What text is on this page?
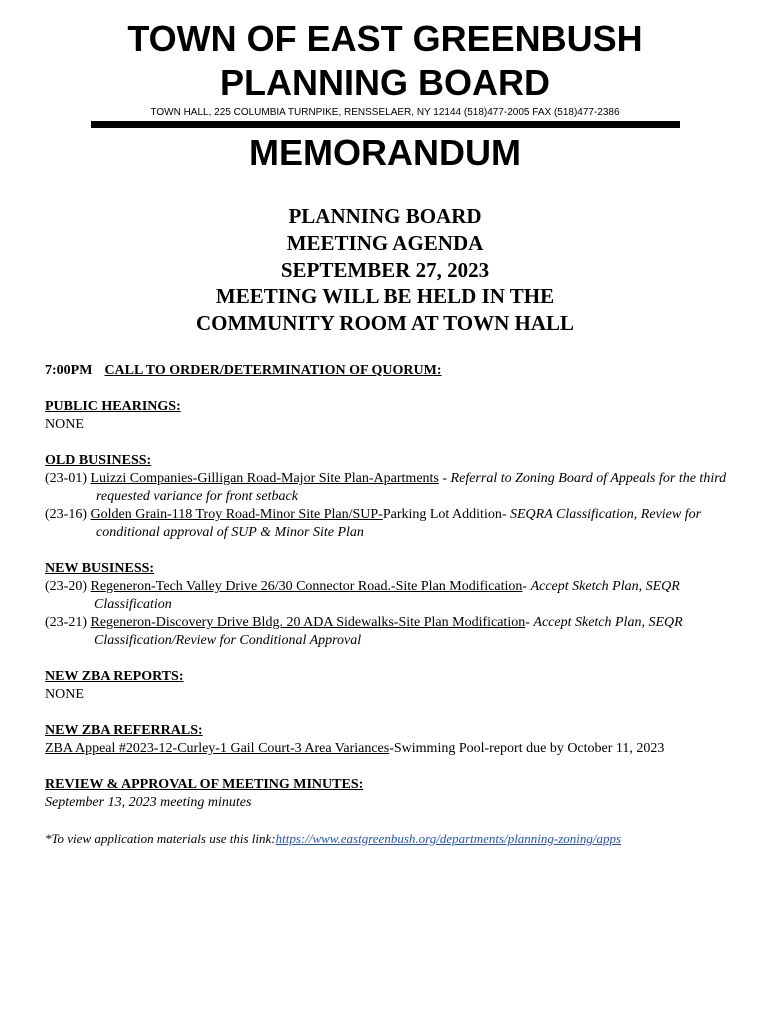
TOWN OF EAST GREENBUSH
PLANNING BOARD
TOWN HALL, 225 COLUMBIA TURNPIKE, RENSSELAER, NY 12144 (518)477-2005 FAX (518)477-2386
MEMORANDUM
PLANNING BOARD
MEETING AGENDA
SEPTEMBER 27, 2023
MEETING WILL BE HELD IN THE
COMMUNITY ROOM AT TOWN HALL
7:00PM CALL TO ORDER/DETERMINATION OF QUORUM:
PUBLIC HEARINGS:
NONE
OLD BUSINESS:
(23-01) Luizzi Companies-Gilligan Road-Major Site Plan-Apartments - Referral to Zoning Board of Appeals for the third requested variance for front setback
(23-16) Golden Grain-118 Troy Road-Minor Site Plan/SUP-Parking Lot Addition- SEQRA Classification, Review for conditional approval of SUP & Minor Site Plan
NEW BUSINESS:
(23-20) Regeneron-Tech Valley Drive 26/30 Connector Road.-Site Plan Modification- Accept Sketch Plan, SEQR Classification
(23-21) Regeneron-Discovery Drive Bldg. 20 ADA Sidewalks-Site Plan Modification- Accept Sketch Plan, SEQR Classification/Review for Conditional Approval
NEW ZBA REPORTS:
NONE
NEW ZBA REFERRALS:
ZBA Appeal #2023-12-Curley-1 Gail Court-3 Area Variances-Swimming Pool-report due by October 11, 2023
REVIEW & APPROVAL OF MEETING MINUTES:
September 13, 2023 meeting minutes
*To view application materials use this link:https://www.eastgreenbush.org/departments/planning-zoning/apps
